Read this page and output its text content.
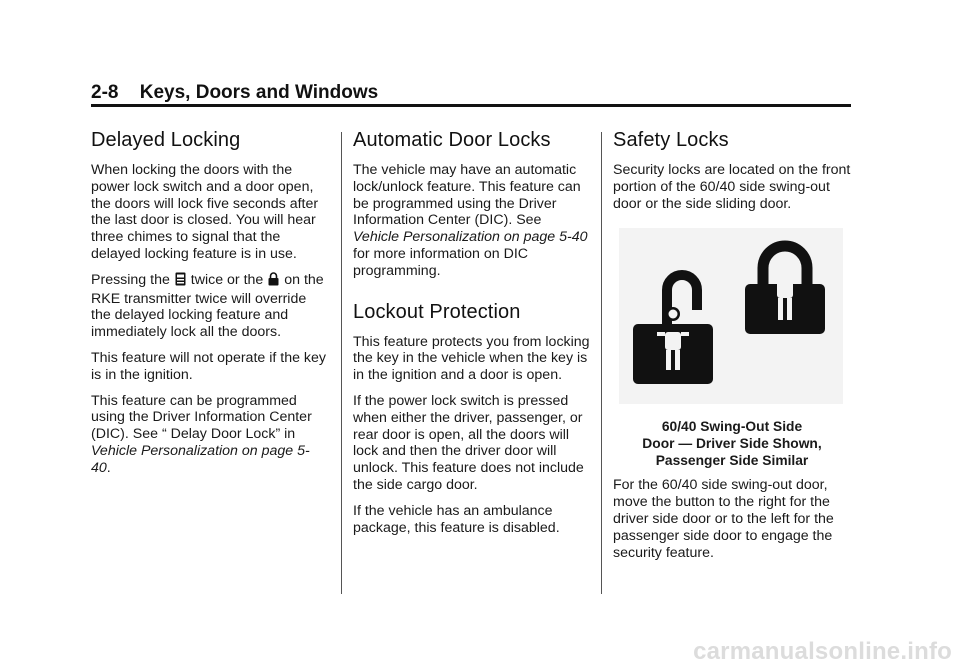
2-8 Keys, Doors and Windows
Delayed Locking

When locking the doors with the power lock switch and a door open, the doors will lock five seconds after the last door is closed. You will hear three chimes to signal that the delayed locking feature is in use.

Pressing the twice or the on the RKE transmitter twice will override the delayed locking feature and immediately lock all the doors.

This feature will not operate if the key is in the ignition.

This feature can be programmed using the Driver Information Center (DIC). See “ Delay Door Lock” in Vehicle Personalization on page 5-40.

Automatic Door Locks

The vehicle may have an automatic lock/unlock feature. This feature can be programmed using the Driver Information Center (DIC). See Vehicle Personalization on page 5-40 for more information on DIC programming.

Lockout Protection

This feature protects you from locking the key in the vehicle when the key is in the ignition and a door is open.

If the power lock switch is pressed when either the driver, passenger, or rear door is open, all the doors will lock and then the driver door will unlock. This feature does not include the side cargo door.

If the vehicle has an ambulance package, this feature is disabled.

Safety Locks

Security locks are located on the front portion of the 60/40 side swing-out door or the side sliding door.

60/40 Swing-Out Side
Door — Driver Side Shown,
Passenger Side Similar

For the 60/40 side swing-out door, move the button to the right for the driver side door or to the left for the passenger side door to engage the security feature.

carmanualsonline.info
